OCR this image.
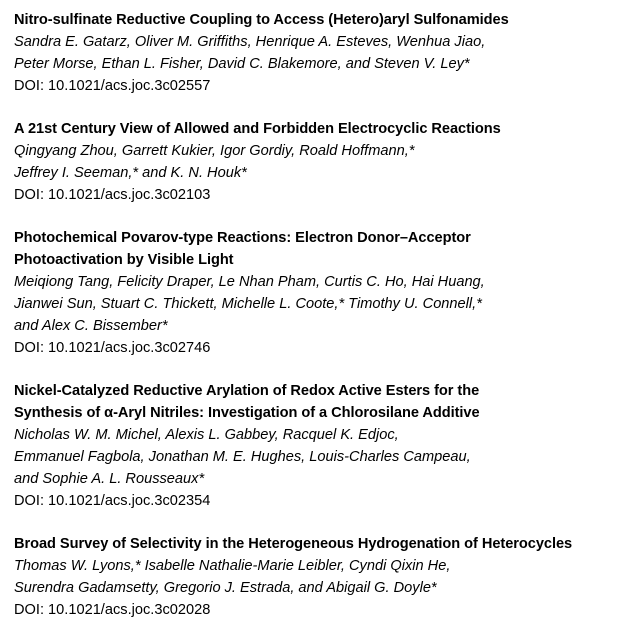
Nitro-sulfinate Reductive Coupling to Access (Hetero)aryl Sulfonamides
Sandra E. Gatarz, Oliver M. Griffiths, Henrique A. Esteves, Wenhua Jiao,
Peter Morse, Ethan L. Fisher, David C. Blakemore, and Steven V. Ley*
DOI: 10.1021/acs.joc.3c02557
A 21st Century View of Allowed and Forbidden Electrocyclic Reactions
Qingyang Zhou, Garrett Kukier, Igor Gordiy, Roald Hoffmann,*
Jeffrey I. Seeman,* and K. N. Houk*
DOI: 10.1021/acs.joc.3c02103
Photochemical Povarov-type Reactions: Electron Donor–Acceptor
Photoactivation by Visible Light
Meiqiong Tang, Felicity Draper, Le Nhan Pham, Curtis C. Ho, Hai Huang,
Jianwei Sun, Stuart C. Thickett, Michelle L. Coote,* Timothy U. Connell,*
and Alex C. Bissember*
DOI: 10.1021/acs.joc.3c02746
Nickel-Catalyzed Reductive Arylation of Redox Active Esters for the
Synthesis of α-Aryl Nitriles: Investigation of a Chlorosilane Additive
Nicholas W. M. Michel, Alexis L. Gabbey, Racquel K. Edjoc,
Emmanuel Fagbola, Jonathan M. E. Hughes, Louis-Charles Campeau,
and Sophie A. L. Rousseaux*
DOI: 10.1021/acs.joc.3c02354
Broad Survey of Selectivity in the Heterogeneous Hydrogenation of Heterocycles
Thomas W. Lyons,* Isabelle Nathalie-Marie Leibler, Cyndi Qixin He,
Surendra Gadamsetty, Gregorio J. Estrada, and Abigail G. Doyle*
DOI: 10.1021/acs.joc.3c02028
